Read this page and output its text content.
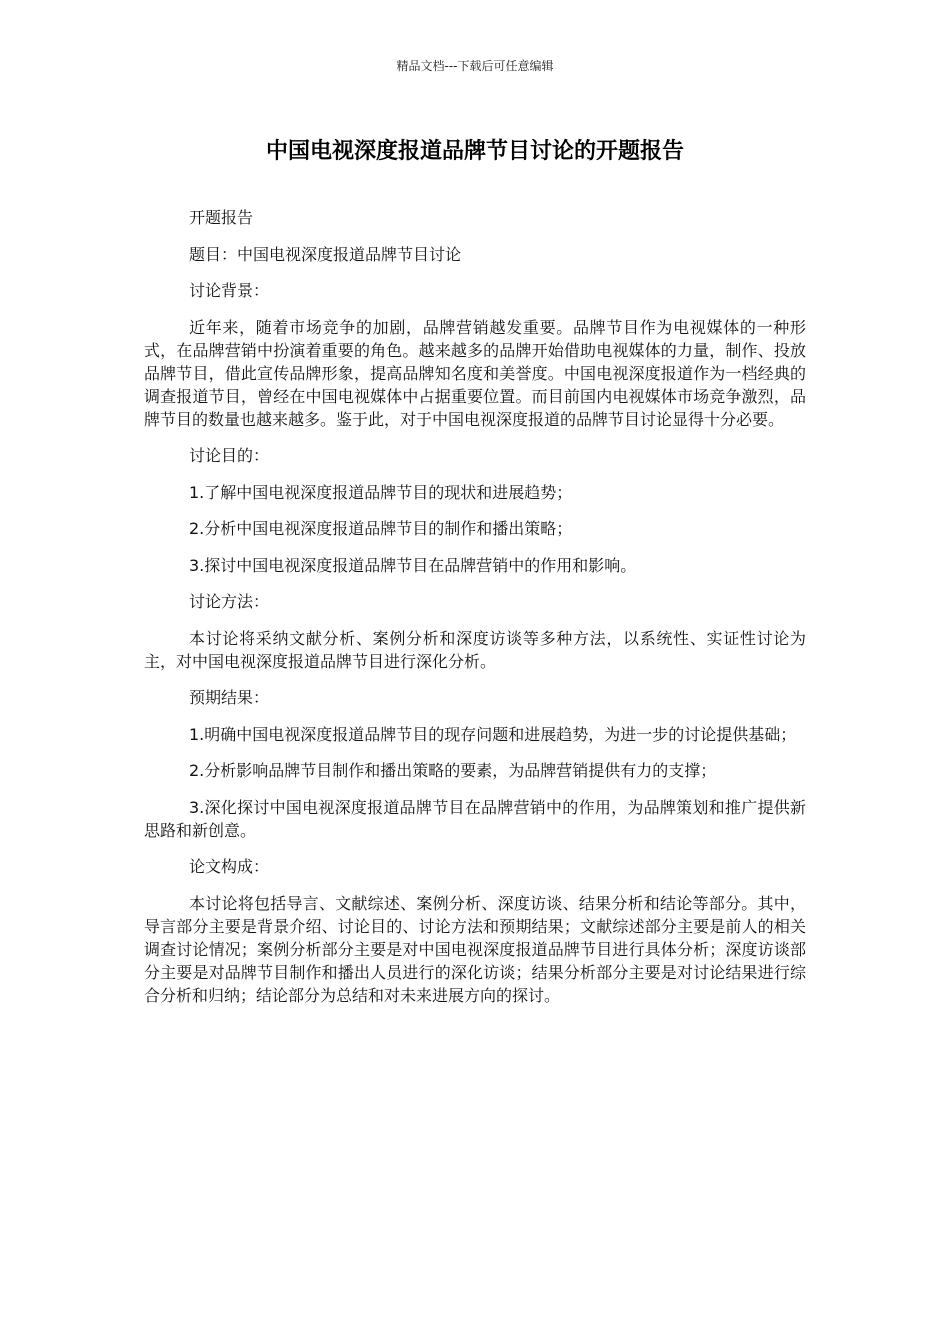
精品文档---下载后可任意编辑
中国电视深度报道品牌节目讨论的开题报告

开题报告

题目：中国电视深度报道品牌节目讨论

讨论背景：

近年来，随着市场竞争的加剧，品牌营销越发重要。品牌节目作为电视媒体的一种形式，在品牌营销中扮演着重要的角色。越来越多的品牌开始借助电视媒体的力量，制作、投放品牌节目，借此宣传品牌形象，提高品牌知名度和美誉度。中国电视深度报道作为一档经典的调查报道节目，曾经在中国电视媒体中占据重要位置。而目前国内电视媒体市场竞争激烈，品牌节目的数量也越来越多。鉴于此，对于中国电视深度报道的品牌节目讨论显得十分必要。

讨论目的：

1.了解中国电视深度报道品牌节目的现状和进展趋势；

2.分析中国电视深度报道品牌节目的制作和播出策略；

3.探讨中国电视深度报道品牌节目在品牌营销中的作用和影响。

讨论方法：

本讨论将采纳文献分析、案例分析和深度访谈等多种方法，以系统性、实证性讨论为主，对中国电视深度报道品牌节目进行深化分析。

预期结果：

1.明确中国电视深度报道品牌节目的现存问题和进展趋势，为进一步的讨论提供基础；

2.分析影响品牌节目制作和播出策略的要素，为品牌营销提供有力的支撑；

3.深化探讨中国电视深度报道品牌节目在品牌营销中的作用，为品牌策划和推广提供新思路和新创意。

论文构成：

本讨论将包括导言、文献综述、案例分析、深度访谈、结果分析和结论等部分。其中，导言部分主要是背景介绍、讨论目的、讨论方法和预期结果；文献综述部分主要是前人的相关调查讨论情况；案例分析部分主要是对中国电视深度报道品牌节目进行具体分析；深度访谈部分主要是对品牌节目制作和播出人员进行的深化访谈；结果分析部分主要是对讨论结果进行综合分析和归纳；结论部分为总结和对未来进展方向的探讨。
